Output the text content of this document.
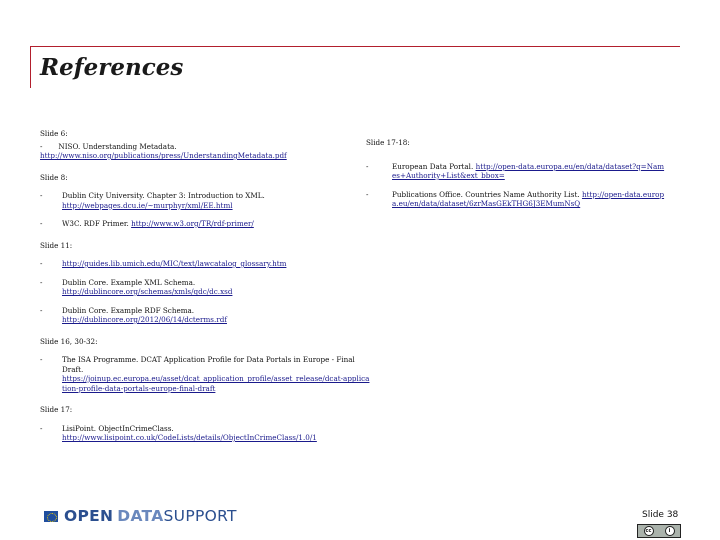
References
Slide 6:
-       NISO. Understanding Metadata.
http://www.niso.org/publications/press/UnderstandingMetadata.pdf
Slide 8:
-	Dublin City University. Chapter 3: Introduction to XML.
http://webpages.dcu.ie/~murphyr/xml/EE.html
-	W3C. RDF Primer. http://www.w3.org/TR/rdf-primer/
Slide 11:
-	http://guides.lib.umich.edu/MIC/text/lawcatalog_glossary.htm
-	Dublin Core. Example XML Schema.
http://dublincore.org/schemas/xmls/qdc/dc.xsd
-	Dublin Core. Example RDF Schema.
http://dublincore.org/2012/06/14/dcterms.rdf
Slide 16, 30-32:
-	The ISA Programme. DCAT Application Profile for Data Portals in Europe - Final Draft.
https://joinup.ec.europa.eu/asset/dcat_application_profile/asset_release/dcat-application-profile-data-portals-europe-final-draft
Slide 17:
-	LisiPoint. ObjectInCrimeClass.
http://www.lisipoint.co.uk/CodeLists/details/ObjectInCrimeClass/1.0/1
Slide 17-18:
-	European Data Portal. http://open-data.europa.eu/en/data/dataset?q=Names+Authority+List&ext_bbox=
-	Publications Office. Countries Name Authority List. http://open-data.europa.eu/en/data/dataset/6zrMasGEkTHG6J3EMumNsQ
OPEN DATA SUPPORT	Slide 38
cc	i
